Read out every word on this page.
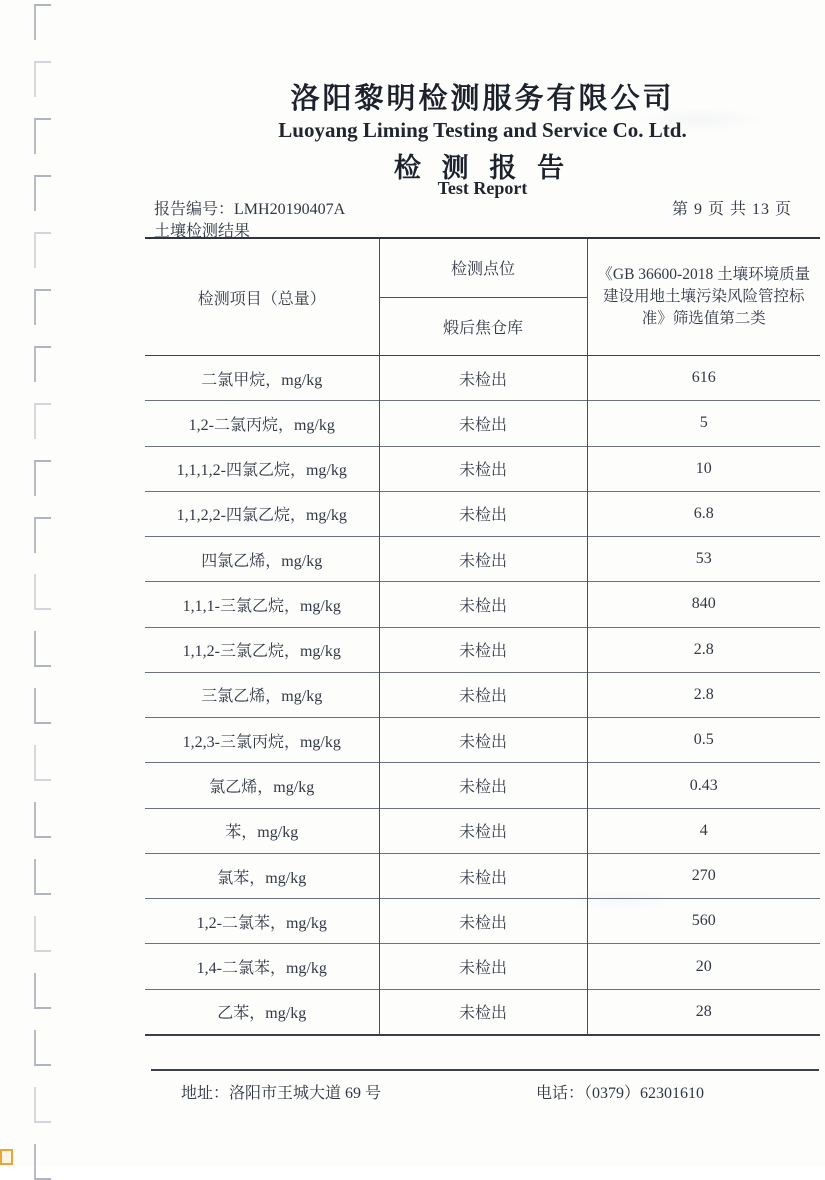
洛阳黎明检测服务有限公司
Luoyang Liming Testing and Service Co. Ltd.
检 测 报 告
Test Report
报告编号：LMH20190407A	第 9 页 共 13 页
土壤检测结果
检测项目（总量）	检测点位	《GB 36600-2018 土壤环境质量 建设用地土壤污染风险管控标准》筛选值第二类
	煅后焦仓库	
二氯甲烷，mg/kg	未检出	616
1,2-二氯丙烷，mg/kg	未检出	5
1,1,1,2-四氯乙烷，mg/kg	未检出	10
1,1,2,2-四氯乙烷，mg/kg	未检出	6.8
四氯乙烯，mg/kg	未检出	53
1,1,1-三氯乙烷，mg/kg	未检出	840
1,1,2-三氯乙烷，mg/kg	未检出	2.8
三氯乙烯，mg/kg	未检出	2.8
1,2,3-三氯丙烷，mg/kg	未检出	0.5
氯乙烯，mg/kg	未检出	0.43
苯，mg/kg	未检出	4
氯苯，mg/kg	未检出	270
1,2-二氯苯，mg/kg	未检出	560
1,4-二氯苯，mg/kg	未检出	20
乙苯，mg/kg	未检出	28
地址：洛阳市王城大道 69 号	电话：（0379）62301610
